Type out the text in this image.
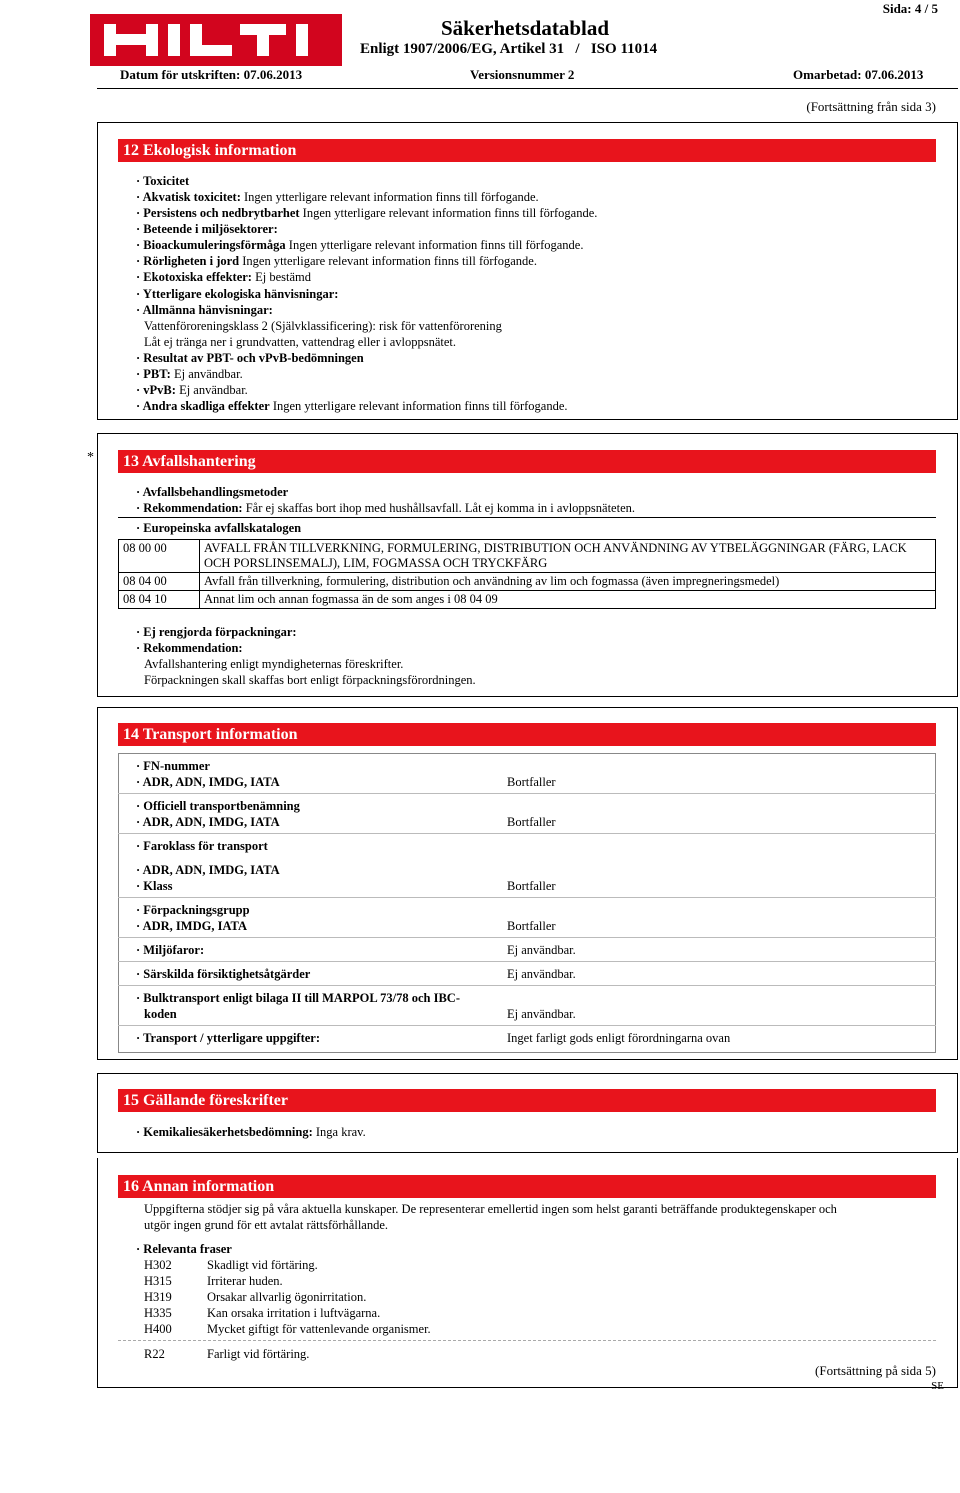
Sida: 4 / 5
Säkerhetsdatablad
Enligt 1907/2006/EG, Artikel 31   /   ISO 11014
Datum för utskriften: 07.06.2013	Versionsnummer 2	Omarbetad: 07.06.2013
(Fortsättning från sida 3)
12 Ekologisk information
· Toxicitet
· Akvatisk toxicitet: Ingen ytterligare relevant information finns till förfogande.
· Persistens och nedbrytbarhet Ingen ytterligare relevant information finns till förfogande.
· Beteende i miljösektorer:
· Bioackumuleringsförmåga Ingen ytterligare relevant information finns till förfogande.
· Rörligheten i jord Ingen ytterligare relevant information finns till förfogande.
· Ekotoxiska effekter: Ej bestämd
· Ytterligare ekologiska hänvisningar:
· Allmänna hänvisningar:
Vattenföroreningsklass 2 (Självklassificering): risk för vattenförorening
Låt ej tränga ner i grundvatten, vattendrag eller i avloppsnätet.
· Resultat av PBT- och vPvB-bedömningen
· PBT: Ej användbar.
· vPvB: Ej användbar.
· Andra skadliga effekter Ingen ytterligare relevant information finns till förfogande.
*	13 Avfallshantering
· Avfallsbehandlingsmetoder
· Rekommendation: Får ej skaffas bort ihop med hushållsavfall. Låt ej komma in i avloppsnäteten.
· Europeinska avfallskatalogen
08 00 00	AVFALL FRÅN TILLVERKNING, FORMULERING, DISTRIBUTION OCH ANVÄNDNING AV YTBELÄGGNINGAR (FÄRG, LACK OCH PORSLINSEMALJ), LIM, FOGMASSA OCH TRYCKFÄRG
08 04 00	Avfall från tillverkning, formulering, distribution och användning av lim och fogmassa (även impregneringsmedel)
08 04 10	Annat lim och annan fogmassa än de som anges i 08 04 09
· Ej rengjorda förpackningar:
· Rekommendation:
Avfallshantering enligt myndigheternas föreskrifter.
Förpackningen skall skaffas bort enligt förpackningsförordningen.
14 Transport information
· FN-nummer
· ADR, ADN, IMDG, IATA	Bortfaller
· Officiell transportbenämning
· ADR, ADN, IMDG, IATA	Bortfaller
· Faroklass för transport
· ADR, ADN, IMDG, IATA
· Klass	Bortfaller
· Förpackningsgrupp
· ADR, IMDG, IATA	Bortfaller
· Miljöfaror:	Ej användbar.
· Särskilda försiktighetsåtgärder	Ej användbar.
· Bulktransport enligt bilaga II till MARPOL 73/78 och IBC-
koden	Ej användbar.
· Transport / ytterligare uppgifter:	Inget farligt gods enligt förordningarna ovan
15 Gällande föreskrifter
· Kemikaliesäkerhetsbedömning: Inga krav.
16 Annan information
Uppgifterna stödjer sig på våra aktuella kunskaper. De representerar emellertid ingen som helst garanti beträffande produktegenskaper och
utgör ingen grund för ett avtalat rättsförhållande.
· Relevanta fraser
H302	Skadligt vid förtäring.
H315	Irriterar huden.
H319	Orsakar allvarlig ögonirritation.
H335	Kan orsaka irritation i luftvägarna.
H400	Mycket giftigt för vattenlevande organismer.
R22	Farligt vid förtäring.
(Fortsättning på sida 5)
SE
